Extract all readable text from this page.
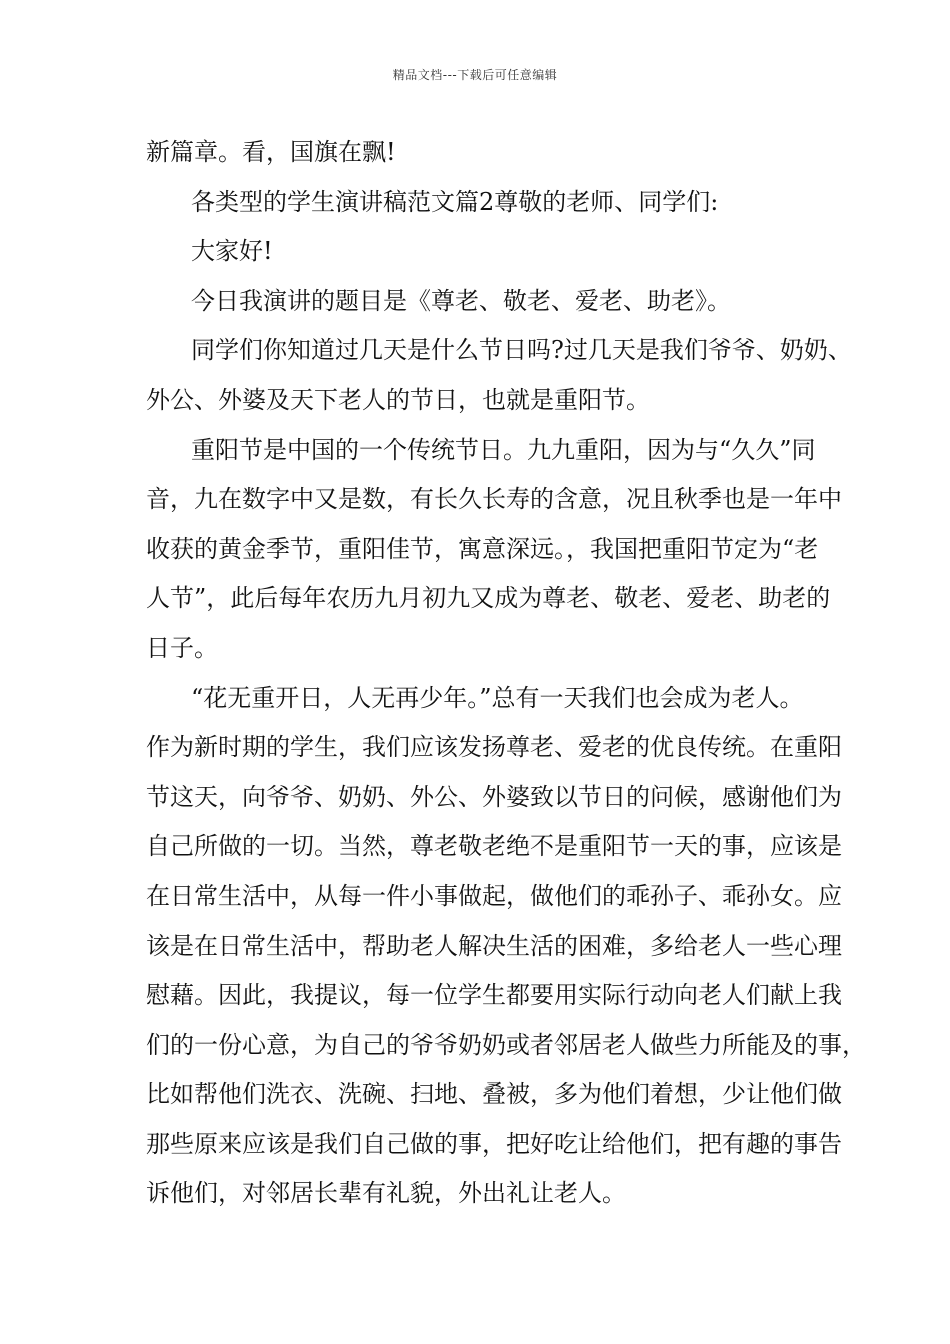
精品文档---下载后可任意编辑
新篇章。看，国旗在飘!
各类型的学生演讲稿范文篇2尊敬的老师、同学们:
大家好!
今日我演讲的题目是《尊老、敬老、爱老、助老》。
同学们你知道过几天是什么节日吗?过几天是我们爷爷、奶奶、
外公、外婆及天下老人的节日，也就是重阳节。
重阳节是中国的一个传统节日。九九重阳，因为与“久久”同
音，九在数字中又是数，有长久长寿的含意，况且秋季也是一年中
收获的黄金季节，重阳佳节，寓意深远。，我国把重阳节定为“老
人节”，此后每年农历九月初九又成为尊老、敬老、爱老、助老的
日子。
“花无重开日，人无再少年。”总有一天我们也会成为老人。
作为新时期的学生，我们应该发扬尊老、爱老的优良传统。在重阳
节这天，向爷爷、奶奶、外公、外婆致以节日的问候，感谢他们为
自己所做的一切。当然，尊老敬老绝不是重阳节一天的事，应该是
在日常生活中，从每一件小事做起，做他们的乖孙子、乖孙女。应
该是在日常生活中，帮助老人解决生活的困难，多给老人一些心理
慰藉。因此，我提议，每一位学生都要用实际行动向老人们献上我
们的一份心意，为自己的爷爷奶奶或者邻居老人做些力所能及的事，
比如帮他们洗衣、洗碗、扫地、叠被，多为他们着想，少让他们做
那些原来应该是我们自己做的事，把好吃让给他们，把有趣的事告
诉他们，对邻居长辈有礼貌，外出礼让老人。
